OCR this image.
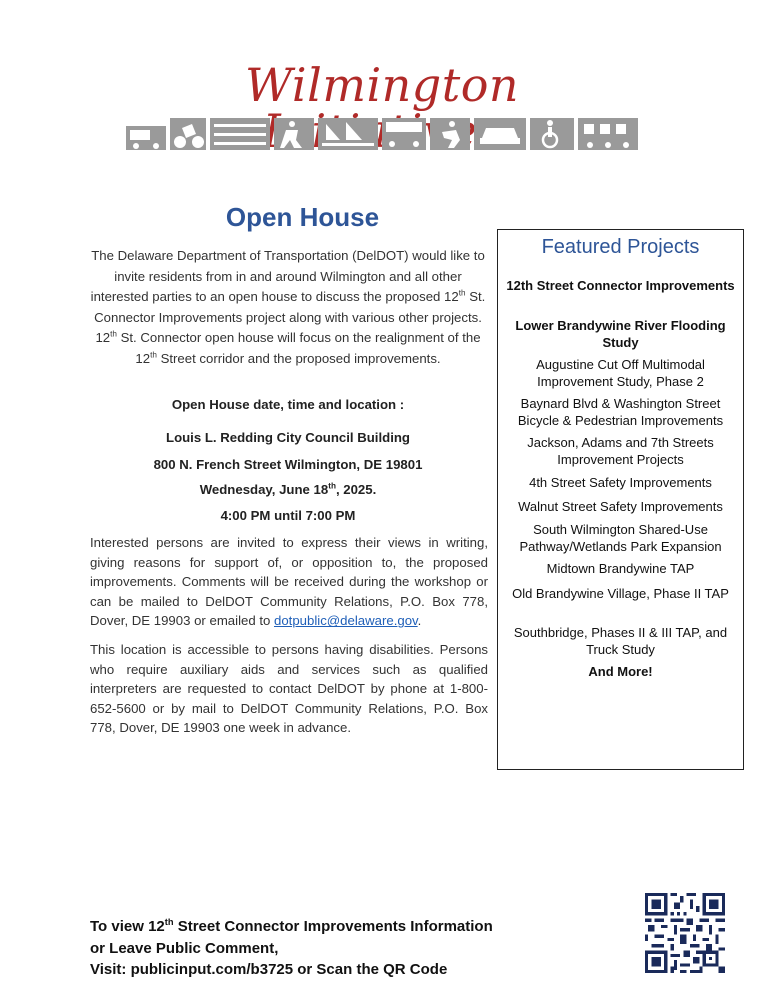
Wilmington
Open House
The Delaware Department of Transportation (DelDOT) would like to invite residents from in and around Wilmington and all other interested parties to an open house to discuss the proposed 12th St. Connector Improvements project along with various other projects. 12th St. Connector open house will focus on the realignment of the 12th Street corridor and the proposed improvements.
Open House date, time and location :
Louis L. Redding City Council Building
800 N. French Street Wilmington, DE 19801
Wednesday, June 18th, 2025.
4:00 PM until 7:00 PM
Interested persons are invited to express their views in writing, giving reasons for support of, or opposition to, the proposed improvements. Comments will be received during the workshop or can be mailed to DelDOT Community Relations, P.O. Box 778, Dover, DE 19903 or emailed to dotpublic@delaware.gov.
This location is accessible to persons having disabilities. Persons who require auxiliary aids and services such as qualified interpreters are requested to contact DelDOT by phone at 1-800-652-5600 or by mail to DelDOT Community Relations, P.O. Box 778, Dover, DE 19903 one week in advance.
Featured Projects
12th Street Connector Improvements
Lower Brandywine River Flooding Study
Augustine Cut Off Multimodal Improvement Study, Phase 2
Baynard Blvd & Washington Street Bicycle & Pedestrian Improvements
Jackson, Adams and 7th Streets Improvement Projects
4th Street Safety Improvements
Walnut Street Safety Improvements
South Wilmington Shared-Use Pathway/Wetlands Park Expansion
Midtown Brandywine TAP
Old Brandywine Village, Phase II TAP
Southbridge, Phases II & III TAP, and Truck Study
And More!
To view 12th Street Connector Improvements Information
or Leave Public Comment,
Visit: publicinput.com/b3725 or Scan the QR Code
